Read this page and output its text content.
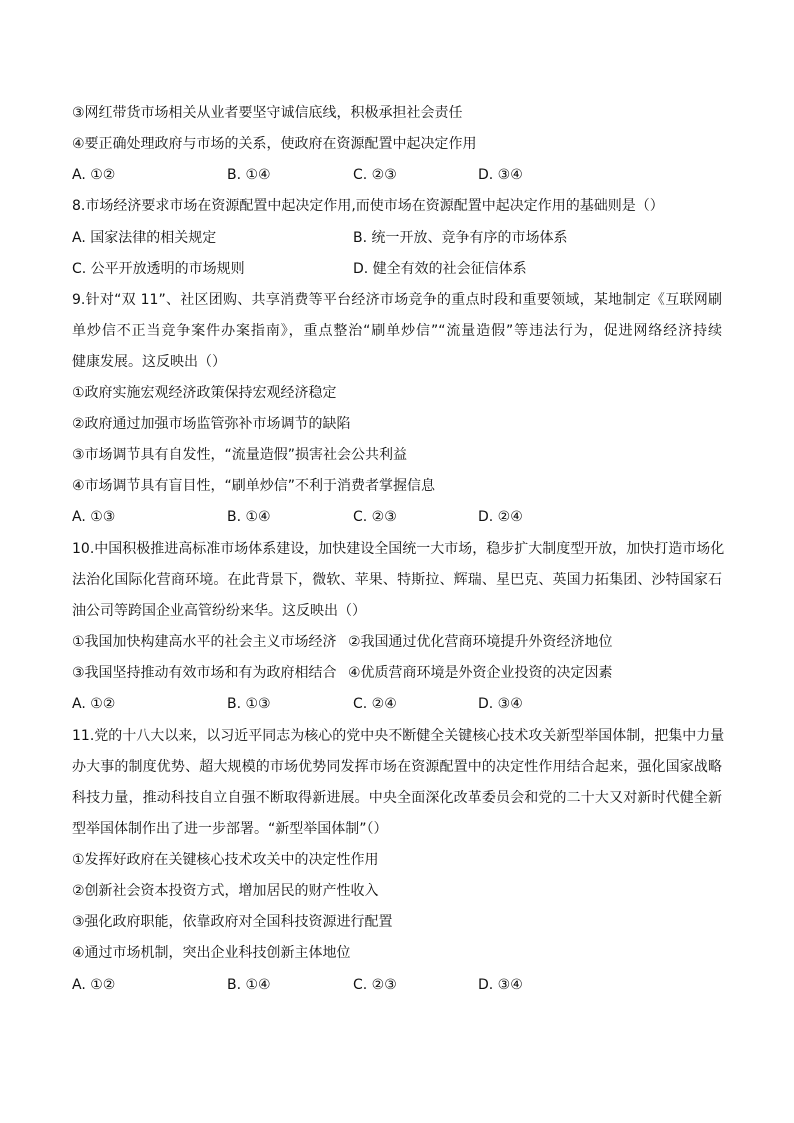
③网红带货市场相关从业者要坚守诚信底线，积极承担社会责任
④要正确处理政府与市场的关系，使政府在资源配置中起决定作用
A. ①②	B. ①④	C. ②③	D. ③④
8.市场经济要求市场在资源配置中起决定作用,而使市场在资源配置中起决定作用的基础则是（）
A. 国家法律的相关规定	B. 统一开放、竞争有序的市场体系
C. 公平开放透明的市场规则	D. 健全有效的社会征信体系
9.针对“双 11”、社区团购、共享消费等平台经济市场竞争的重点时段和重要领域，某地制定《互联网刷
单炒信不正当竞争案件办案指南》，重点整治“刷单炒信”“流量造假”等违法行为，促进网络经济持续
健康发展。这反映出（）
①政府实施宏观经济政策保持宏观经济稳定
②政府通过加强市场监管弥补市场调节的缺陷
③市场调节具有自发性，“流量造假”损害社会公共利益
④市场调节具有盲目性，“刷单炒信”不利于消费者掌握信息
A. ①③	B. ①④	C. ②③	D. ②④
10.中国积极推进高标准市场体系建设，加快建设全国统一大市场，稳步扩大制度型开放，加快打造市场化
法治化国际化营商环境。在此背景下，微软、苹果、特斯拉、辉瑞、星巴克、英国力拓集团、沙特国家石
油公司等跨国企业高管纷纷来华。这反映出（）
①我国加快构建高水平的社会主义市场经济 ②我国通过优化营商环境提升外资经济地位
③我国坚持推动有效市场和有为政府相结合 ④优质营商环境是外资企业投资的决定因素
A. ①②	B. ①③	C. ②④	D. ③④
11.党的十八大以来，以习近平同志为核心的党中央不断健全关键核心技术攻关新型举国体制，把集中力量
办大事的制度优势、超大规模的市场优势同发挥市场在资源配置中的决定性作用结合起来，强化国家战略
科技力量，推动科技自立自强不断取得新进展。中央全面深化改革委员会和党的二十大又对新时代健全新
型举国体制作出了进一步部署。“新型举国体制”（）
①发挥好政府在关键核心技术攻关中的决定性作用
②创新社会资本投资方式，增加居民的财产性收入
③强化政府职能，依靠政府对全国科技资源进行配置
④通过市场机制，突出企业科技创新主体地位
A. ①②	B. ①④	C. ②③	D. ③④
